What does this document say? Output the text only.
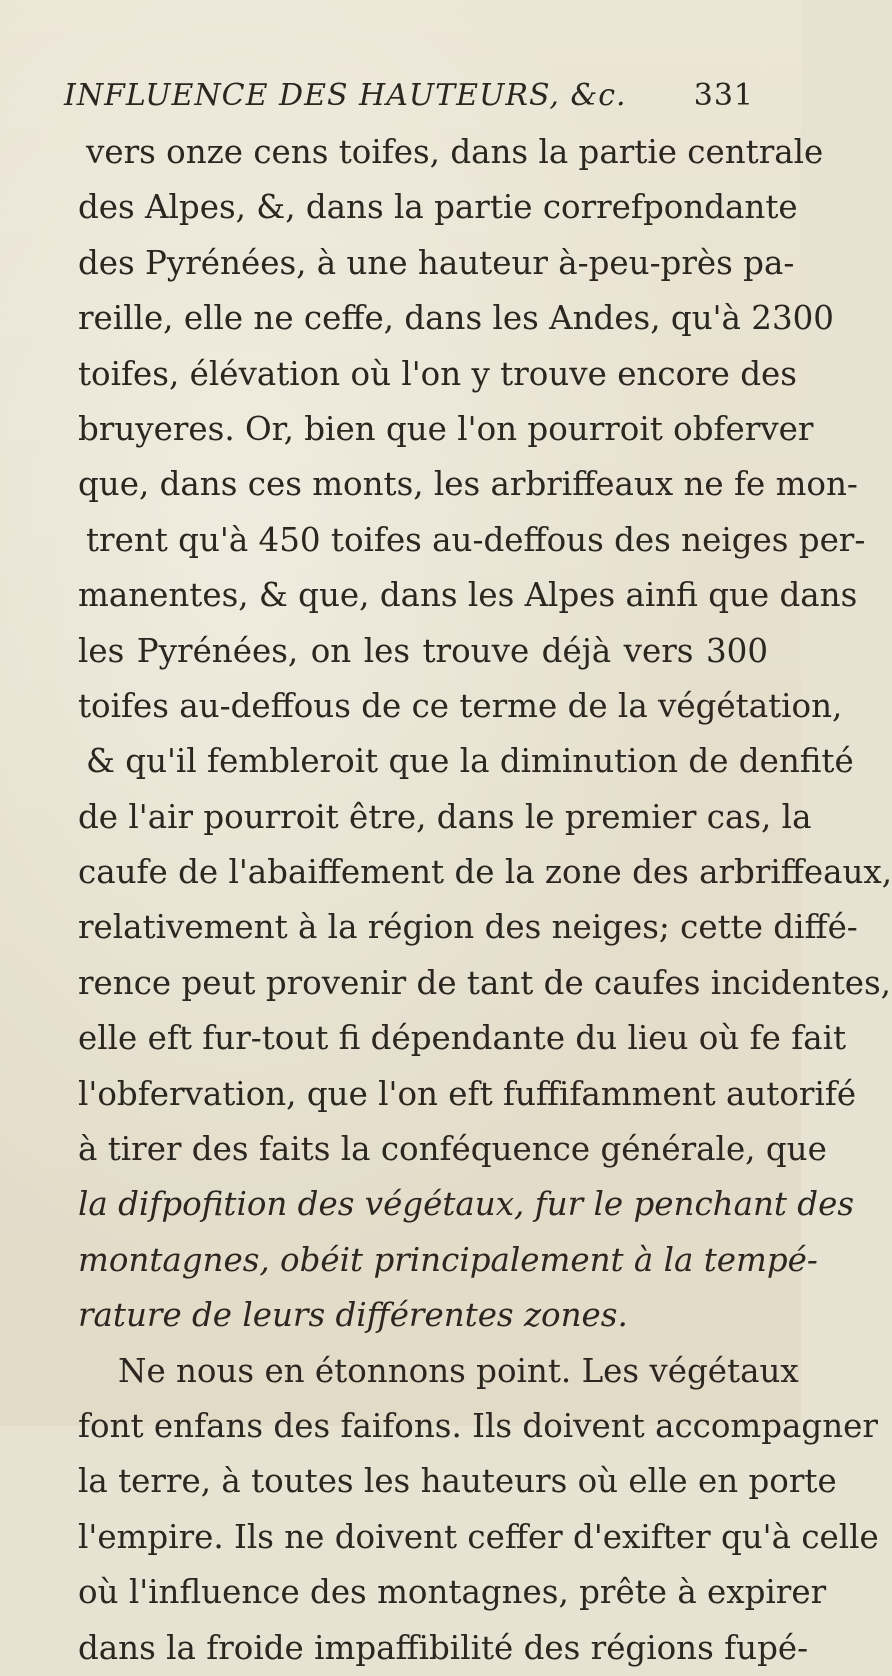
INFLUENCE DES HAUTEURS, &c. 331
vers onze cens toifes, dans la partie centrale
des Alpes, &, dans la partie correfpondante
des Pyrénées, à une hauteur à-peu-près pa-
reille, elle ne ceffe, dans les Andes, qu'à 2300
toifes, élévation où l'on y trouve encore des
bruyeres. Or, bien que l'on pourroit obferver
que, dans ces monts, les arbriffeaux ne fe mon-
trent qu'à 450 toifes au-deffous des neiges per-
manentes, & que, dans les Alpes ainfi que dans
les Pyrénées, on les trouve déjà vers 300
toifes au-deffous de ce terme de la végétation,
& qu'il fembleroit que la diminution de denfité
de l'air pourroit être, dans le premier cas, la
caufe de l'abaiffement de la zone des arbriffeaux,
relativement à la région des neiges; cette diffé-
rence peut provenir de tant de caufes incidentes,
elle eft fur-tout fi dépendante du lieu où fe fait
l'obfervation, que l'on eft fuffifamment autorifé
à tirer des faits la conféquence générale, que
la difpofition des végétaux, fur le penchant des
montagnes, obéit principalement à la tempé-
rature de leurs différentes zones.
Ne nous en étonnons point. Les végétaux
font enfans des faifons. Ils doivent accompagner
la terre, à toutes les hauteurs où elle en porte
l'empire. Ils ne doivent ceffer d'exifter qu'à celle
où l'influence des montagnes, prête à expirer
dans la froide impaffibilité des régions fupé-
